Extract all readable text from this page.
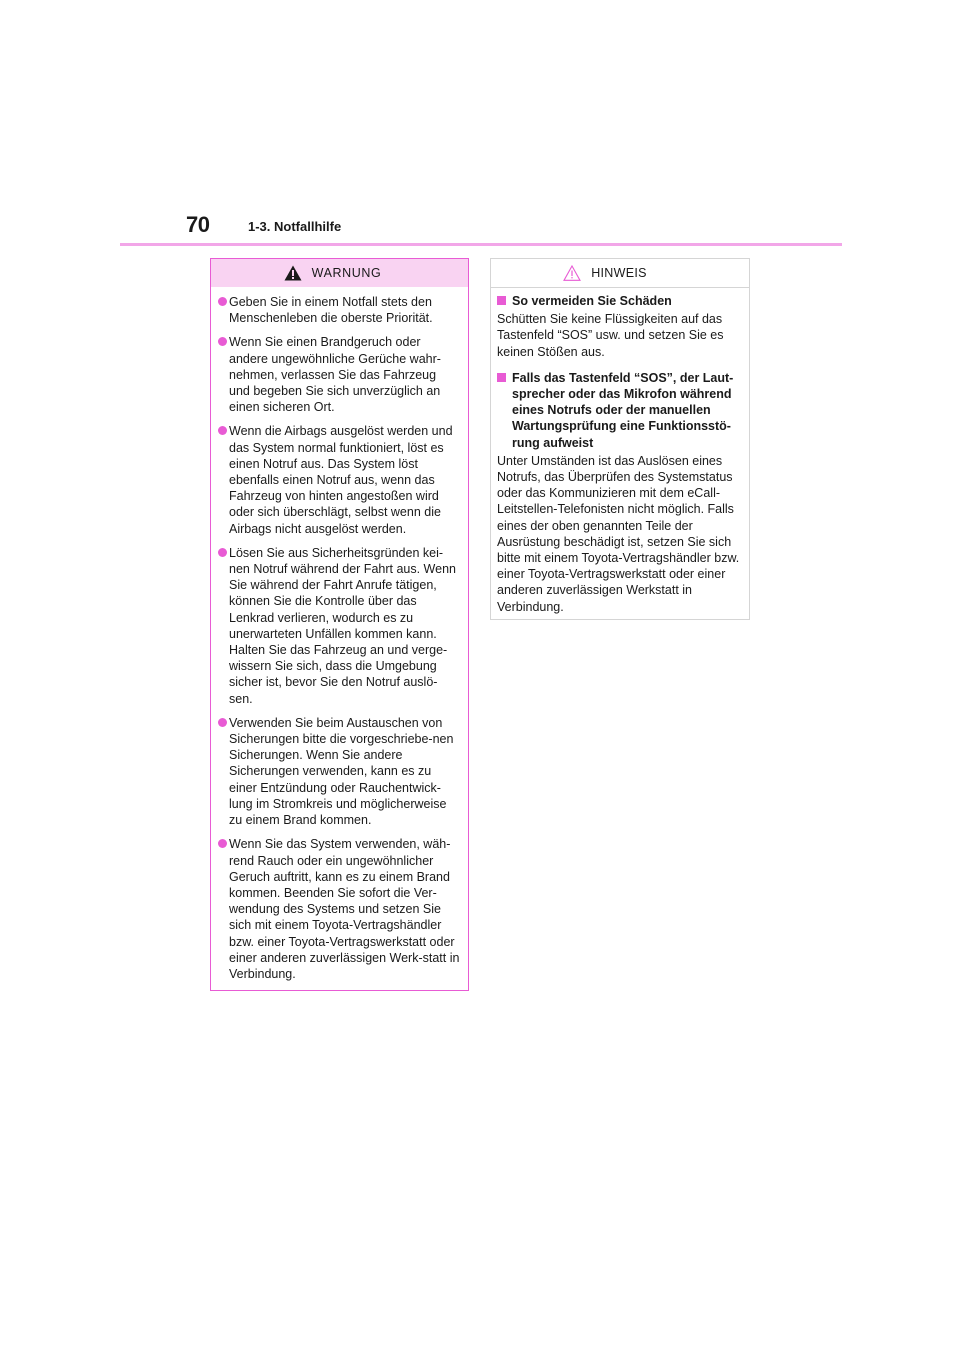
70	1-3. Notfallhilfe
WARNUNG
Geben Sie in einem Notfall stets den Menschenleben die oberste Priorität.
Wenn Sie einen Brandgeruch oder andere ungewöhnliche Gerüche wahr-nehmen, verlassen Sie das Fahrzeug und begeben Sie sich unverzüglich an einen sicheren Ort.
Wenn die Airbags ausgelöst werden und das System normal funktioniert, löst es einen Notruf aus. Das System löst ebenfalls einen Notruf aus, wenn das Fahrzeug von hinten angestoßen wird oder sich überschlägt, selbst wenn die Airbags nicht ausgelöst werden.
Lösen Sie aus Sicherheitsgründen kei-nen Notruf während der Fahrt aus. Wenn Sie während der Fahrt Anrufe tätigen, können Sie die Kontrolle über das Lenkrad verlieren, wodurch es zu unerwarteten Unfällen kommen kann. Halten Sie das Fahrzeug an und verge-wissern Sie sich, dass die Umgebung sicher ist, bevor Sie den Notruf auslö-sen.
Verwenden Sie beim Austauschen von Sicherungen bitte die vorgeschriebe-nen Sicherungen. Wenn Sie andere Sicherungen verwenden, kann es zu einer Entzündung oder Rauchentwick-lung im Stromkreis und möglicherweise zu einem Brand kommen.
Wenn Sie das System verwenden, wäh-rend Rauch oder ein ungewöhnlicher Geruch auftritt, kann es zu einem Brand kommen. Beenden Sie sofort die Ver-wendung des Systems und setzen Sie sich mit einem Toyota-Vertragshändler bzw. einer Toyota-Vertragswerkstatt oder einer anderen zuverlässigen Werk-statt in Verbindung.
HINWEIS
So vermeiden Sie Schäden
Schütten Sie keine Flüssigkeiten auf das Tastenfeld “SOS” usw. und setzen Sie es keinen Stößen aus.
Falls das Tastenfeld “SOS”, der Laut-sprecher oder das Mikrofon während eines Notrufs oder der manuellen Wartungsprüfung eine Funktionsstö-rung aufweist
Unter Umständen ist das Auslösen eines Notrufs, das Überprüfen des Systemstatus oder das Kommunizieren mit dem eCall-Leitstellen-Telefonisten nicht möglich. Falls eines der oben genannten Teile der Ausrüstung beschädigt ist, setzen Sie sich bitte mit einem Toyota-Vertragshändler bzw. einer Toyota-Vertragswerkstatt oder einer anderen zuverlässigen Werkstatt in Verbindung.
